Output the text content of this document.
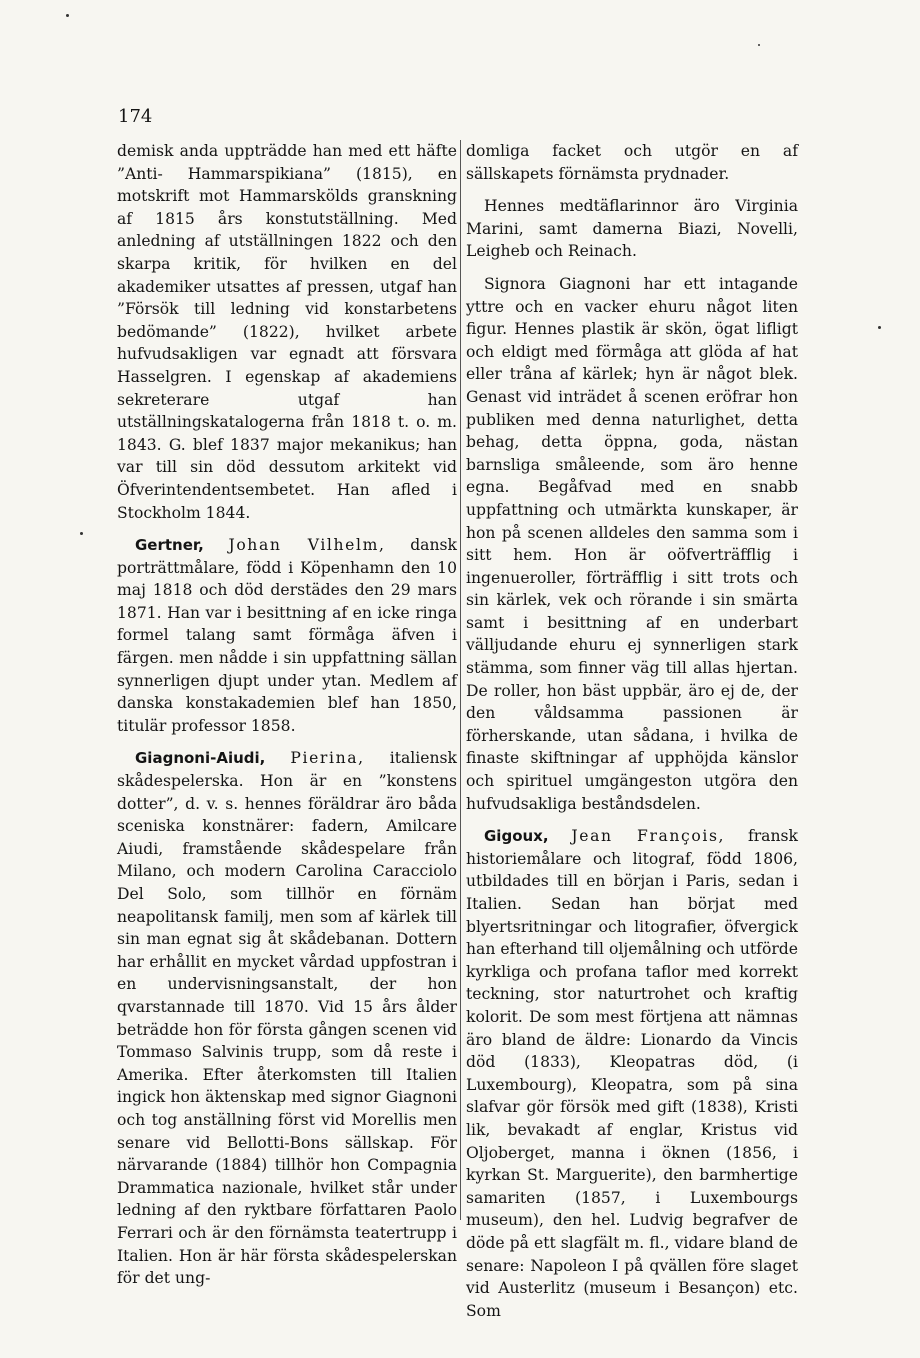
174

demisk anda uppträdde han med ett häfte ”Anti- Hammarspikiana” (1815), en motskrift mot Hammarskölds granskning af 1815 års konstutställning. Med anledning af utställningen 1822 och den skarpa kritik, för hvilken en del akademiker utsattes af pressen, utgaf han ”Försök till ledning vid konstarbetens bedömande” (1822), hvilket arbete hufvudsakligen var egnadt att försvara Hasselgren. I egenskap af akademiens sekreterare utgaf han utställningskatalogerna från 1818 t. o. m. 1843. G. blef 1837 major mekanikus; han var till sin död dessutom arkitekt vid Öfverintendentsembetet. Han afled i Stockholm 1844.

Gertner, Johan Vilhelm, dansk porträttmålare, född i Köpenhamn den 10 maj 1818 och död derstädes den 29 mars 1871. Han var i besittning af en icke ringa formel talang samt förmåga äfven i färgen. men nådde i sin uppfattning sällan synnerligen djupt under ytan. Medlem af danska konstakademien blef han 1850, titulär professor 1858.

Giagnoni-Aiudi, Pierina, italiensk skådespelerska. Hon är en ”konstens dotter”, d. v. s. hennes föräldrar äro båda sceniska konstnärer: fadern, Amilcare Aiudi, framstående skådespelare från Milano, och modern Carolina Caracciolo Del Solo, som tillhör en förnäm neapolitansk familj, men som af kärlek till sin man egnat sig åt skådebanan. Dottern har erhållit en mycket vårdad uppfostran i en undervisningsanstalt, der hon qvarstannade till 1870. Vid 15 års ålder beträdde hon för första gången scenen vid Tommaso Salvinis trupp, som då reste i Amerika. Efter återkomsten till Italien ingick hon äktenskap med signor Giagnoni och tog anställning först vid Morellis men senare vid Bellotti-Bons sällskap. För närvarande (1884) tillhör hon Compagnia Drammatica nazionale, hvilket står under ledning af den ryktbare författaren Paolo Ferrari och är den förnämsta teatertrupp i Italien. Hon är här första skådespelerskan för det ung-

domliga facket och utgör en af sällskapets förnämsta prydnader.

Hennes medtäflarinnor äro Virginia Marini, samt damerna Biazi, Novelli, Leigheb och Reinach.

Signora Giagnoni har ett intagande yttre och en vacker ehuru något liten figur. Hennes plastik är skön, ögat lifligt och eldigt med förmåga att glöda af hat eller tråna af kärlek; hyn är något blek. Genast vid inträdet å scenen eröfrar hon publiken med denna naturlighet, detta behag, detta öppna, goda, nästan barnsliga småleende, som äro henne egna. Begåfvad med en snabb uppfattning och utmärkta kunskaper, är hon på scenen alldeles den samma som i sitt hem. Hon är oöfverträfflig i ingenueroller, förträfflig i sitt trots och sin kärlek, vek och rörande i sin smärta samt i besittning af en underbart välljudande ehuru ej synnerligen stark stämma, som finner väg till allas hjertan. De roller, hon bäst uppbär, äro ej de, der den våldsamma passionen är förherskande, utan sådana, i hvilka de finaste skiftningar af upphöjda känslor och spirituel umgängeston utgöra den hufvudsakliga beståndsdelen.

Gigoux, Jean François, fransk historiemålare och litograf, född 1806, utbildades till en början i Paris, sedan i Italien. Sedan han börjat med blyertsritningar och litografier, öfvergick han efterhand till oljemålning och utförde kyrkliga och profana taflor med korrekt teckning, stor naturtrohet och kraftig kolorit. De som mest förtjena att nämnas äro bland de äldre: Lionardo da Vincis död (1833), Kleopatras död, (i Luxembourg), Kleopatra, som på sina slafvar gör försök med gift (1838), Kristi lik, bevakadt af englar, Kristus vid Oljoberget, manna i öknen (1856, i kyrkan St. Marguerite), den barmhertige samariten (1857, i Luxembourgs museum), den hel. Ludvig begrafver de döde på ett slagfält m. fl., vidare bland de senare: Napoleon I på qvällen före slaget vid Austerlitz (museum i Besançon) etc. Som
